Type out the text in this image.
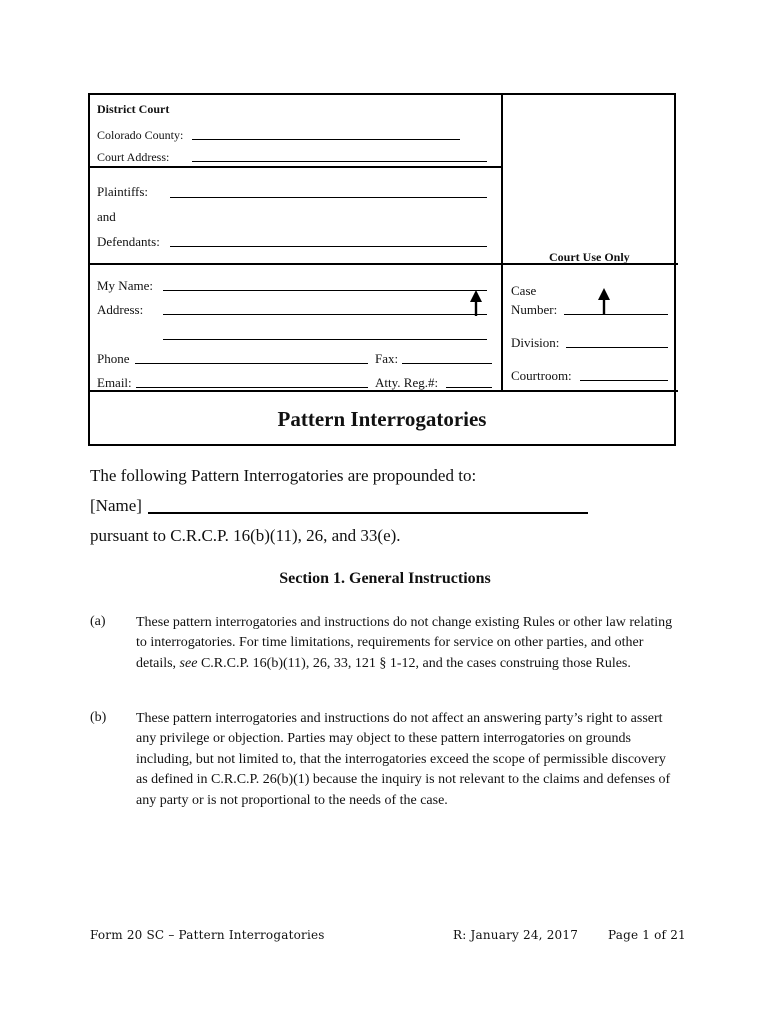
District Court
Colorado County:
Court Address:
Plaintiffs:
and
Defendants:
Court Use Only
My Name:
Address:
Phone	Fax:
Email:	Atty. Reg.#:
Case
Number:
Division:
Courtroom:
Pattern Interrogatories
The following Pattern Interrogatories are propounded to:
[Name]
pursuant to C.R.C.P. 16(b)(11), 26, and 33(e).
Section 1. General Instructions
(a) These pattern interrogatories and instructions do not change existing Rules or other law relating to interrogatories. For time limitations, requirements for service on other parties, and other details, see C.R.C.P. 16(b)(11), 26, 33, 121 § 1-12, and the cases construing those Rules.
(b) These pattern interrogatories and instructions do not affect an answering party’s right to assert any privilege or objection. Parties may object to these pattern interrogatories on grounds including, but not limited to, that the interrogatories exceed the scope of permissible discovery as defined in C.R.C.P. 26(b)(1) because the inquiry is not relevant to the claims and defenses of any party or is not proportional to the needs of the case.
Form 20 SC – Pattern Interrogatories	R: January 24, 2017 Page 1 of 21
